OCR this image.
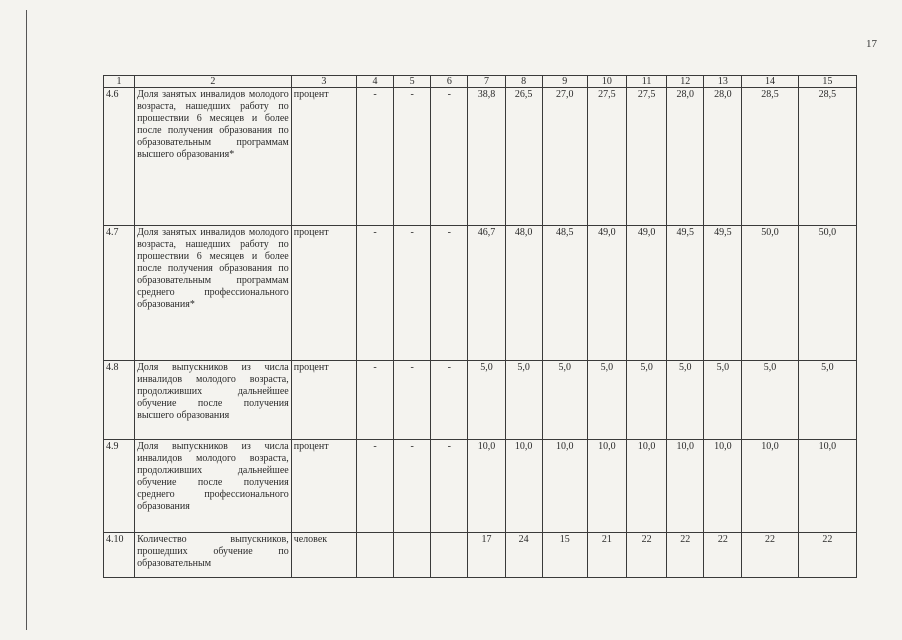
17
1	2	3	4	5	6	7	8	9	10	11	12	13	14	15
4.6	Доля занятых инвалидов молодого возраста, нашедших работу по прошествии 6 месяцев и более после получения образования по образовательным программам высшего образования*	процент	-	-	-	38,8	26,5	27,0	27,5	27,5	28,0	28,0	28,5	28,5
4.7	Доля занятых инвалидов молодого возраста, нашедших работу по прошествии 6 месяцев и более после получения образования по образовательным программам среднего профессионального образования*	процент	-	-	-	46,7	48,0	48,5	49,0	49,0	49,5	49,5	50,0	50,0
4.8	Доля выпускников из числа инвалидов молодого возраста, продолживших дальнейшее обучение после получения высшего образования	процент	-	-	-	5,0	5,0	5,0	5,0	5,0	5,0	5,0	5,0	5,0
4.9	Доля выпускников из числа инвалидов молодого возраста, продолживших дальнейшее обучение после получения среднего профессионального образования	процент	-	-	-	10,0	10,0	10,0	10,0	10,0	10,0	10,0	10,0	10,0
4.10	Количество выпускников, прошедших обучение по образовательным	человек				17	24	15	21	22	22	22	22	22
